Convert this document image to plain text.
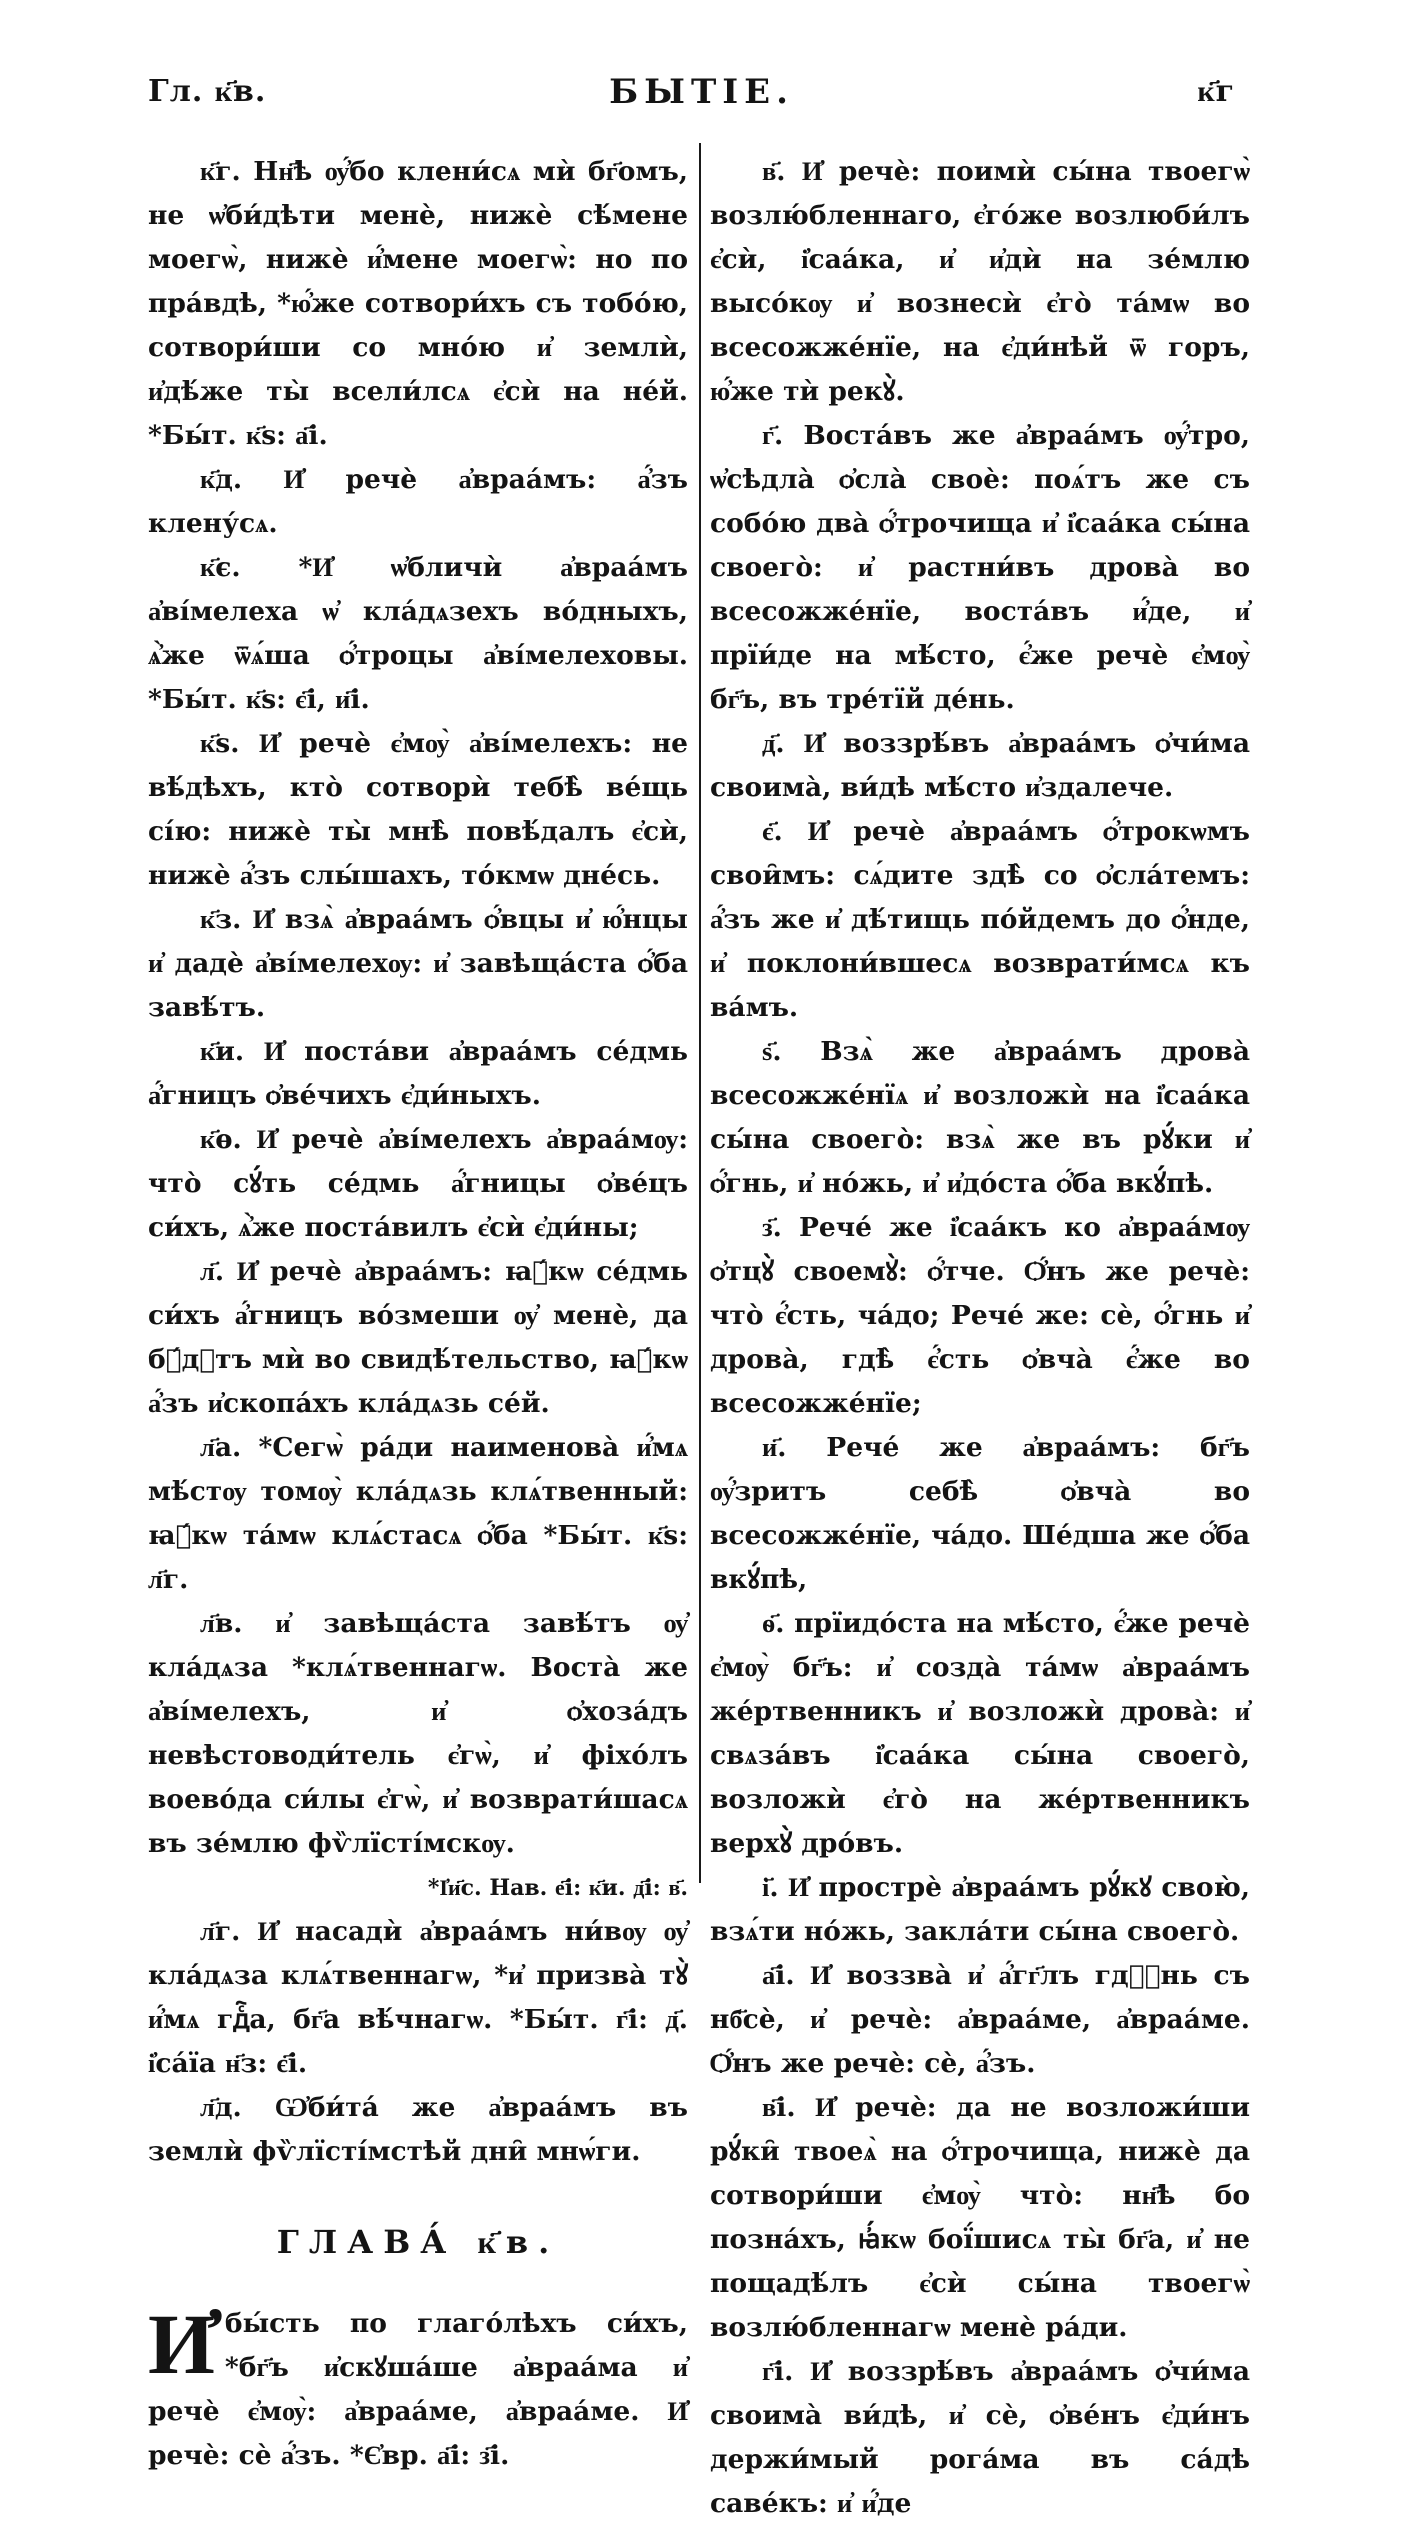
Гл. к҃в.	БЫТІЕ.	к҃г

к҃г. Нн҃ѣ ѹ҆́бо клени́сѧ мѝ бг҃омъ, не ѡ҆би́дѣти менѐ, нижѐ сѣ́мене моегѡ̀, нижѐ и҆́мене моегѡ̀: но по пра́вдѣ, *ю҆́же сотвори́хъ съ тобо́ю, сотвори́ши со мно́ю и҆ землѝ, и҆дѣ́же ты̀ всели́лсѧ є҆сѝ на не́й. *Бы́т. к҃ѕ: а҃і.

к҃д. И҆ речѐ а҆враа́мъ: а҆́зъ клену́сѧ.

к҃є. *И҆ ѡ҆бличѝ а҆враа́мъ а҆ві́мелеха ѡ҆ кла́дѧзехъ во́дныхъ, ѧ҆̀же ѿѧ́ша ѻ҆́троцы а҆ві́мелеховы. *Бы́т. к҃ѕ: є҃і, и҃і.

к҃ѕ. И҆ речѐ є҆мѹ̀ а҆ві́мелехъ: не вѣ́дѣхъ, кто̀ сотворѝ тебѣ̀ ве́щь сі́ю: нижѐ ты̀ мнѣ̀ повѣ́далъ є҆сѝ, нижѐ а҆́зъ слы́шахъ, то́кмѡ дне́сь.

к҃з. И҆ взѧ̀ а҆враа́мъ ѻ҆́вцы и҆ ю҆́нцы и҆ дадѐ а҆ві́мелехѹ: и҆ завѣща́ста ѻ҆́ба завѣ́тъ.

к҃и. И҆ поста́ви а҆враа́мъ се́дмь а҆́гницъ ѻ҆ве́чихъ є҆ди́ныхъ.

к҃ѳ. И҆ речѐ а҆ві́мелехъ а҆враа́мѹ: что̀ сꙋ́ть се́дмь а҆́гницы ѻ҆ве́цъ си́хъ, ѧ҆̀же поста́вилъ є҆сѝ є҆ди́ны;

л҃. И҆ речѐ а҆враа́мъ: ꙗ҆́кѡ се́дмь си́хъ а҆́гницъ во́змеши ѹ҆ менѐ, да бꙋ́дꙋтъ мѝ во свидѣ́тельство, ꙗ҆́кѡ а҆́зъ и҆скопа́хъ кла́дѧзь се́й.

л҃а. *Сегѡ̀ ра́ди наименова̀ и҆́мѧ мѣ́стѹ томѹ̀ кла́дѧзь клѧ́твенный: ꙗ҆́кѡ та́мѡ клѧ́стасѧ ѻ҆́ба *Бы́т. к҃ѕ: л҃г.

л҃в. и҆ завѣща́ста завѣ́тъ ѹ҆ кла́дѧза *клѧ́твеннагѡ. Воста̀ же а҆ві́мелехъ, и҆ ѻ҆хоза́дъ невѣстоводи́тель є҆гѡ̀, и҆ фіхо́лъ воево́да си́лы є҆гѡ̀, и҆ возврати́шасѧ въ зе́млю фѷлїсті́мскѹ.

*І҆и҃с. Нав. е҃і: к҃и. д҃і: в҃.

л҃г. И҆ насадѝ а҆враа́мъ ни́вѹ ѹ҆ кла́дѧза клѧ́твеннагѡ, *и҆ призва̀ тꙋ̀ и҆́мѧ гдⷭ҇а, бг҃а вѣ́чнагѡ. *Бы́т. г҃і: д҃. і҆са́їа н҃з: є҃і.

л҃д. Ѡ҆би́та́ же а҆враа́мъ въ землѝ фѷлїсті́мстѣй дни̑ мнѡ́ги.

ГЛАВА́ к҃в.

И҆ бы́сть по глаго́лѣхъ си́хъ, *бг҃ъ и҆скꙋша́ше а҆враа́ма и҆ речѐ є҆мѹ̀: а҆враа́ме, а҆враа́ме. И҆ речѐ: сѐ а҆́зъ. *Є҆вр. а҃і: з҃і.

в҃. И҆ речѐ: поимѝ сы́на твоегѡ̀ возлю́бленнаго, є҆го́же возлюби́лъ є҆сѝ, і҆саа́ка, и҆ и҆дѝ на зе́млю высо́кѹ и҆ вознесѝ є҆го̀ та́мѡ во всесожже́нїе, на є҆ди́нѣй ѿ горъ, ю҆́же тѝ рекꙋ̀.

г҃. Воста́въ же а҆враа́мъ ѹ҆́тро, ѡ҆сѣдла̀ ѻ҆сла̀ своѐ: поѧ́тъ же съ собо́ю два̀ ѻ҆́трочища и҆ і҆саа́ка сы́на своего̀: и҆ растни́въ дрова̀ во всесожже́нїе, воста́въ и҆́де, и҆ прїи́де на мѣ́сто, є҆́же речѐ є҆мѹ̀ бг҃ъ, въ тре́тїй де́нь.

д҃. И҆ воззрѣ́въ а҆враа́мъ ѻ҆чи́ма своима̀, ви́дѣ мѣ́сто и҆здалече.

є҃. И҆ речѐ а҆враа́мъ ѻ҆́трокѡмъ свои̑мъ: сѧ́дите здѣ̀ со ѻ҆сла́темъ: а҆́зъ же и҆ дѣ́тищь по́йдемъ до ѻ҆́нде, и҆ поклони́вшесѧ возврати́мсѧ къ ва́мъ.

ѕ҃. Взѧ̀ же а҆враа́мъ дрова̀ всесожже́нїѧ и҆ возложѝ на і҆саа́ка сы́на своего̀: взѧ̀ же въ рꙋ́ки и҆ ѻ҆́гнь, и҆ но́жь, и҆ и҆до́ста ѻ҆́ба вкꙋ́пѣ.

з҃. Рече́ же і҆саа́къ ко а҆враа́мѹ ѻ҆тцꙋ̀ своемꙋ̀: ѻ҆́тче. Ѻ҆́нъ же речѐ: что̀ є҆́сть, ча́до; Рече́ же: сѐ, ѻ҆́гнь и҆ дрова̀, гдѣ̀ є҆́сть ѻ҆вча̀ є҆́же во всесожже́нїе;

и҃. Рече́ же а҆враа́мъ: бг҃ъ ѹ҆́зритъ себѣ̀ ѻ҆вча̀ во всесожже́нїе, ча́до. Ше́дша же ѻ҆́ба вкꙋ́пѣ,

ѳ҃. прїидо́ста на мѣ́сто, є҆́же речѐ є҆мѹ̀ бг҃ъ: и҆ созда̀ та́мѡ а҆враа́мъ же́ртвенникъ и҆ возложѝ дрова̀: и҆ свѧза́въ і҆саа́ка сы́на своего̀, возложѝ є҆го̀ на же́ртвенникъ верхꙋ̀ дро́въ.

і҃. И҆ прострѐ а҆враа́мъ рꙋ́кꙋ свою̀, взѧ́ти но́жь, закла́ти сы́на своего̀.

а҃і. И҆ воззва̀ и҆ а҆́гг҃лъ гдⷭ҇нь съ нб҃сѐ, и҆ речѐ: а҆враа́ме, а҆враа́ме. Ѻ҆́нъ же речѐ: сѐ, а҆́зъ.

в҃і. И҆ речѐ: да не возложи́ши рꙋ́ки̑ твоеѧ̀ на ѻ҆́трочища, нижѐ да сотвори́ши є҆мѹ̀ что̀: нн҃ѣ бо позна́хъ, ꙗ҆́кѡ бої́шисѧ ты̀ бг҃а, и҆ не пощадѣ́лъ є҆сѝ сы́на твоегѡ̀ возлю́бленнагѡ менѐ ра́ди.

г҃і. И҆ воззрѣ́въ а҆враа́мъ ѻ҆чи́ма своима̀ ви́дѣ, и҆ сѐ, ѻ҆ве́нъ є҆ди́нъ держи́мый рога́ма въ са́дѣ саве́къ: и҆ и҆́де
